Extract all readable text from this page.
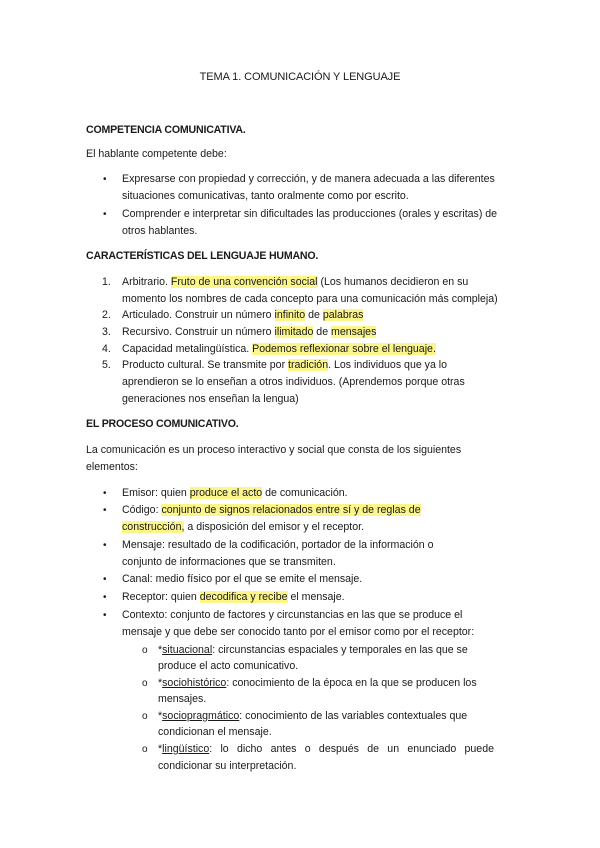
TEMA 1. COMUNICACIÓN Y LENGUAJE
COMPETENCIA COMUNICATIVA.
El hablante competente debe:
• Expresarse con propiedad y corrección, y de manera adecuada a las diferentes
situaciones comunicativas, tanto oralmente como por escrito.
• Comprender e interpretar sin dificultades las producciones (orales y escritas) de
otros hablantes.
CARACTERÍSTICAS DEL LENGUAJE HUMANO.
1. Arbitrario. Fruto de una convención social (Los humanos decidieron en su
momento los nombres de cada concepto para una comunicación más compleja)
2. Articulado. Construir un número infinito de palabras
3. Recursivo. Construir un número ilimitado de mensajes
4. Capacidad metalingüística. Podemos reflexionar sobre el lenguaje.
5. Producto cultural. Se transmite por tradición. Los individuos que ya lo
aprendieron se lo enseñan a otros individuos. (Aprendemos porque otras
generaciones nos enseñan la lengua)
EL PROCESO COMUNICATIVO.
La comunicación es un proceso interactivo y social que consta de los siguientes
elementos:
• Emisor: quien produce el acto de comunicación.
• Código: conjunto de signos relacionados entre sí y de reglas de
construcción, a disposición del emisor y el receptor.
• Mensaje: resultado de la codificación, portador de la información o
conjunto de informaciones que se transmiten.
• Canal: medio físico por el que se emite el mensaje.
• Receptor: quien decodifica y recibe el mensaje.
• Contexto: conjunto de factores y circunstancias en las que se produce el
mensaje y que debe ser conocido tanto por el emisor como por el receptor:
o *situacional: circunstancias espaciales y temporales en las que se
produce el acto comunicativo.
o *sociohistórico: conocimiento de la época en la que se producen los
mensajes.
o *sociopragmático: conocimiento de las variables contextuales que
condicionan el mensaje.
o *lingüístico: lo dicho antes o después de un enunciado puede
condicionar su interpretación.
